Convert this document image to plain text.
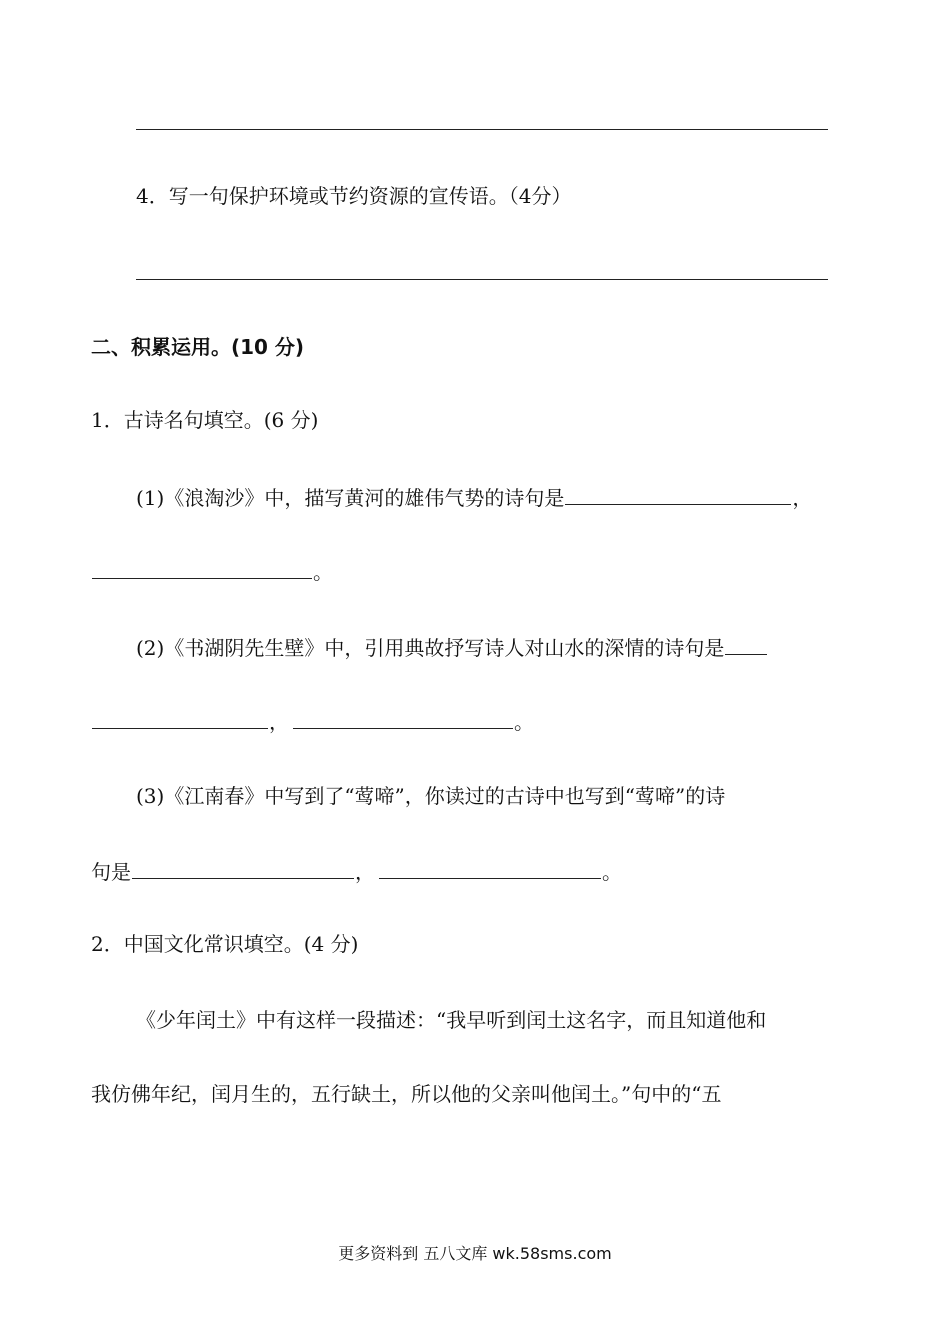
4．写一句保护环境或节约资源的宣传语。（4分）
二、积累运用。(10 分)
1．古诗名句填空。(6 分)
(1)《浪淘沙》中，描写黄河的雄伟气势的诗句是	，
。
(2)《书湖阴先生壁》中，引用典故抒写诗人对山水的深情的诗句是
，	。
(3)《江南春》中写到了“莺啼”，你读过的古诗中也写到“莺啼”的诗
句是	，	。
2．中国文化常识填空。(4 分)
《少年闰土》中有这样一段描述：“我早听到闰土这名字，而且知道他和
我仿佛年纪，闰月生的，五行缺土，所以他的父亲叫他闰土。”句中的“五
更多资料到 五八文库 wk.58sms.com
